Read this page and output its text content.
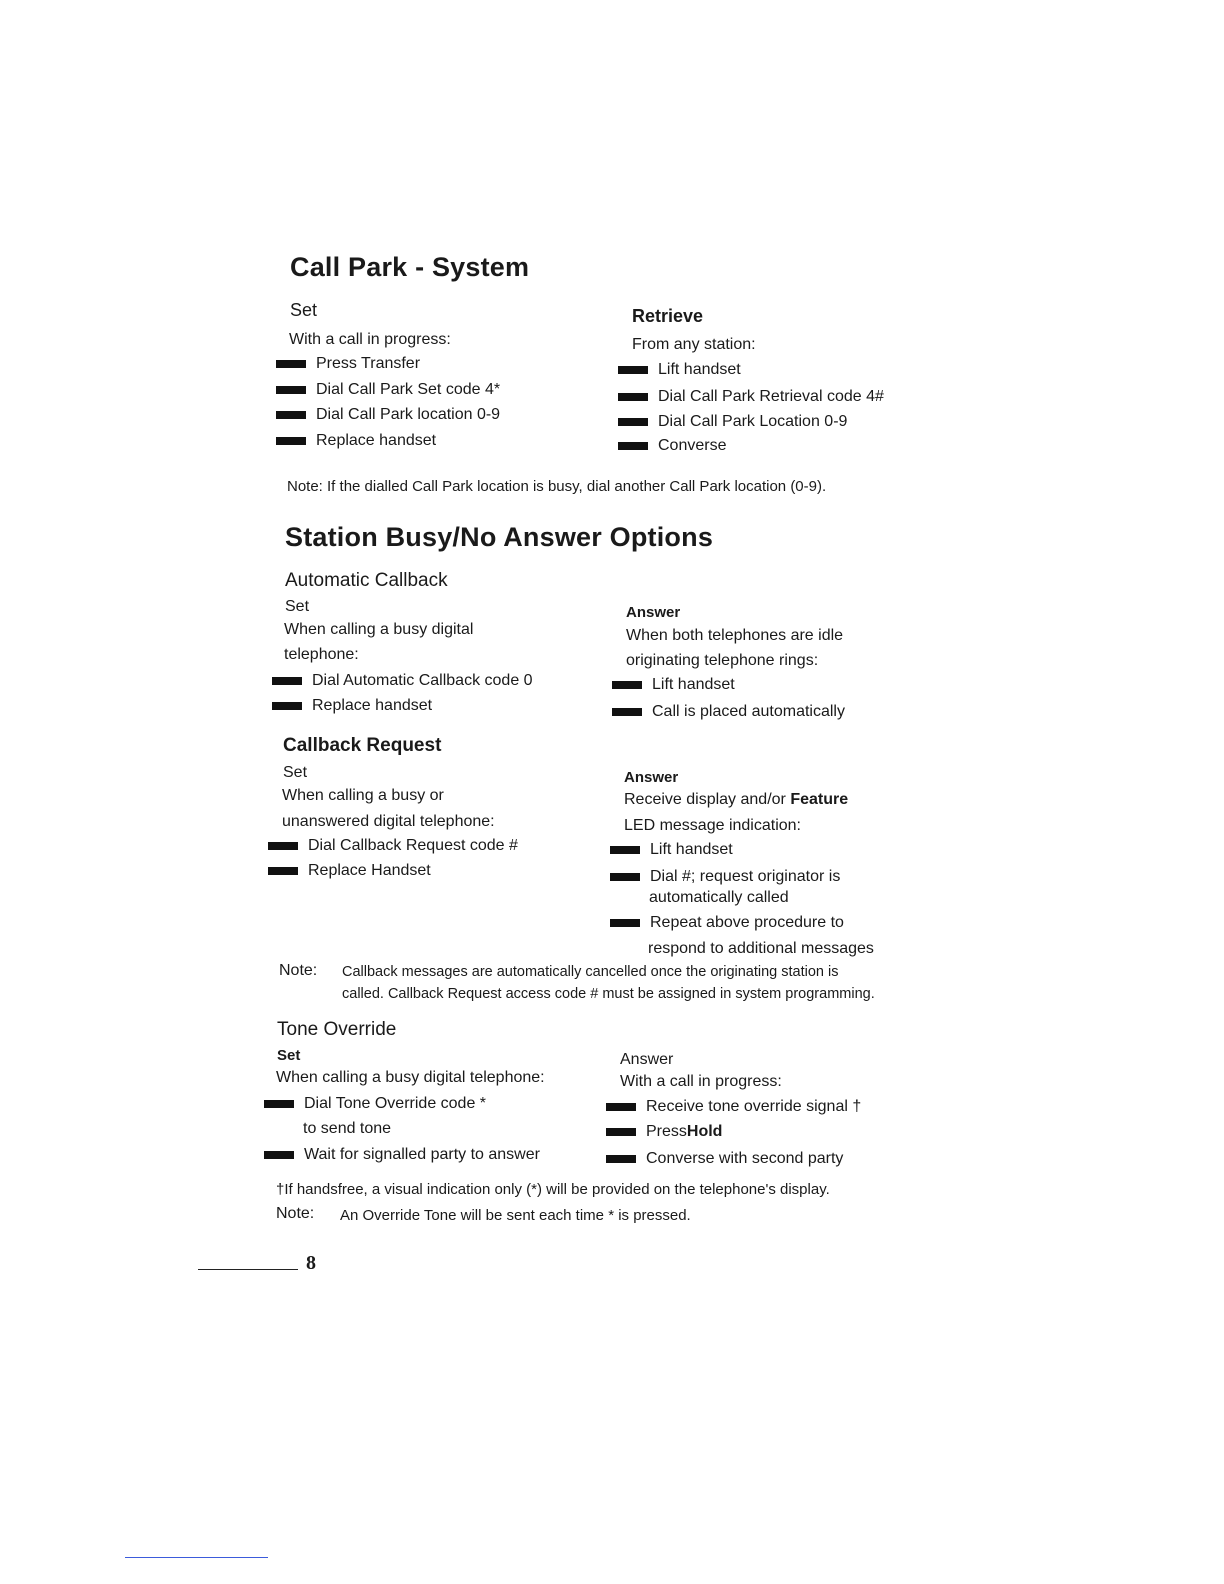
Call Park - System
Set
With a call in progress:
Press Transfer
Dial Call Park Set code 4*
Dial Call Park location 0-9
Replace handset
Retrieve
From any station:
Lift handset
Dial Call Park Retrieval code 4#
Dial Call Park Location 0-9
Converse
Note: If the dialled Call Park location is busy, dial another Call Park location (0-9).
Station Busy/No Answer Options
Automatic Callback
Set
When calling a busy digital
telephone:
Dial Automatic Callback code 0
Replace handset
Answer
When both telephones are idle
originating telephone rings:
Lift handset
Call is placed automatically
Callback Request
Set
When calling a busy or
unanswered digital telephone:
Dial Callback Request code #
Replace Handset
Answer
Receive display and/or Feature
LED message indication:
Lift handset
Dial #; request originator is
automatically called
Repeat above procedure to
respond to additional messages
Note: Callback messages are automatically cancelled once the originating station is
called. Callback Request access code # must be assigned in system programming.
Tone Override
Set
When calling a busy digital telephone:
Dial Tone Override code *
to send tone
Wait for signalled party to answer
Answer
With a call in progress:
Receive tone override signal †
Press Hold
Converse with second party
†If handsfree, a visual indication only (*) will be provided on the telephone's display.
Note: An Override Tone will be sent each time * is pressed.
8
